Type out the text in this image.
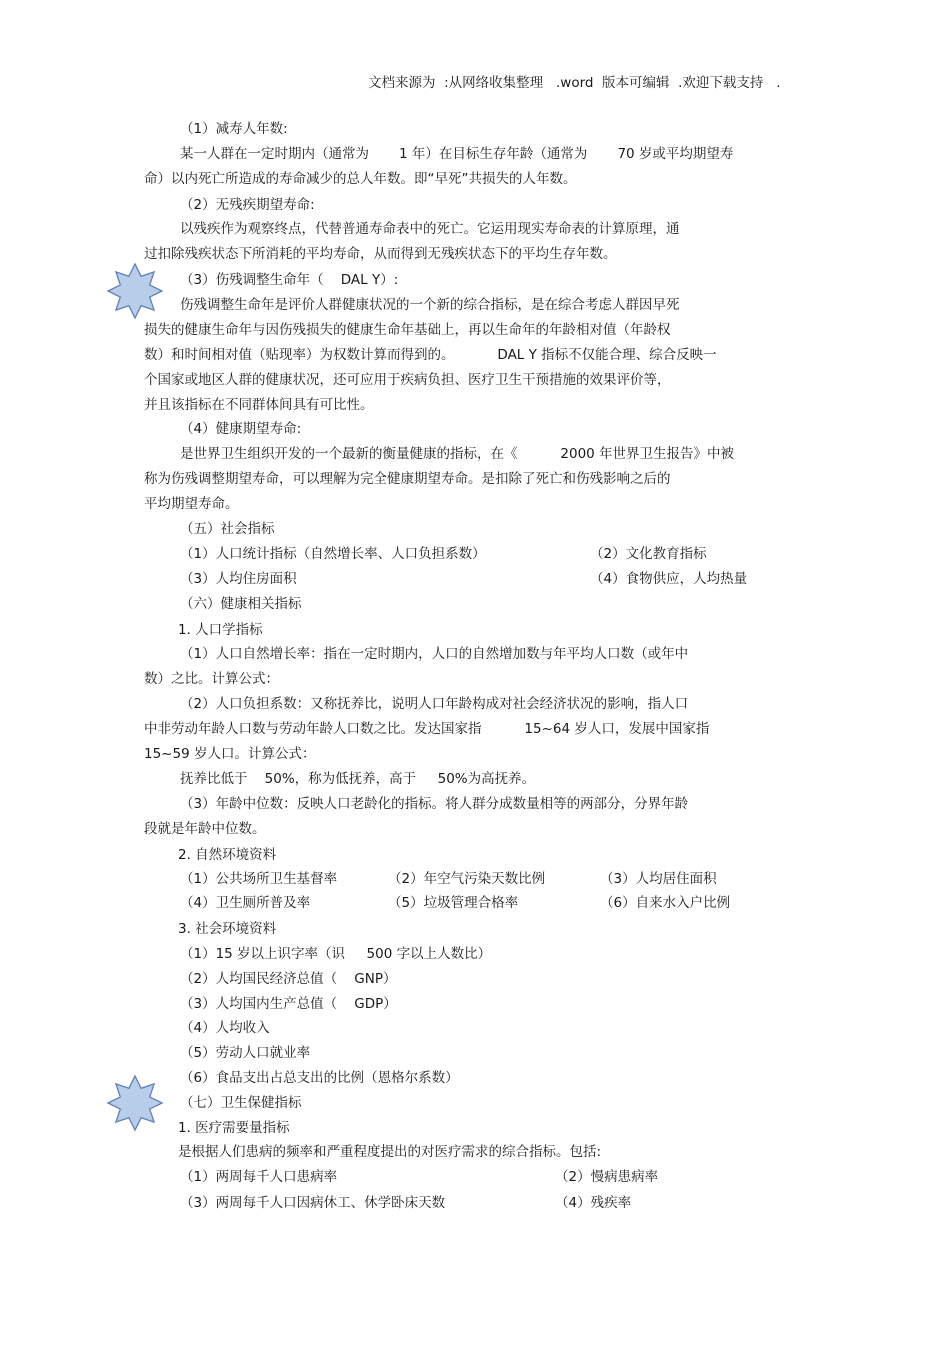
文档来源为  :从网络收集整理   .word  版本可编辑  .欢迎下载支持   .
（1）减寿人年数:
某一人群在一定时期内（通常为       1 年）在目标生存年龄（通常为       70 岁或平均期望寿
命）以内死亡所造成的寿命减少的总人年数。即“早死”共损失的人年数。
（2）无残疾期望寿命:
以残疾作为观察终点，代替普通寿命表中的死亡。它运用现实寿命表的计算原理，通
过扣除残疾状态下所消耗的平均寿命，从而得到无残疾状态下的平均生存年数。
（3）伤残调整生命年（    DAL Y）:
伤残调整生命年是评价人群健康状况的一个新的综合指标，是在综合考虑人群因早死
损失的健康生命年与因伤残损失的健康生命年基础上，再以生命年的年龄相对值（年龄权
数）和时间相对值（贴现率）为权数计算而得到的。          DAL Y 指标不仅能合理、综合反映一
个国家或地区人群的健康状况，还可应用于疾病负担、医疗卫生干预措施的效果评价等，
并且该指标在不同群体间具有可比性。
（4）健康期望寿命:
是世界卫生组织开发的一个最新的衡量健康的指标，在《          2000 年世界卫生报告》中被
称为伤残调整期望寿命，可以理解为完全健康期望寿命。是扣除了死亡和伤残影响之后的
平均期望寿命。
（五）社会指标
（1）人口统计指标（自然增长率、人口负担系数）	（2）文化教育指标
（3）人均住房面积	（4）食物供应，人均热量
（六）健康相关指标
1. 人口学指标
（1）人口自然增长率：指在一定时期内，人口的自然增加数与年平均人口数（或年中
数）之比。计算公式：
（2）人口负担系数：又称抚养比，说明人口年龄构成对社会经济状况的影响，指人口
中非劳动年龄人口数与劳动年龄人口数之比。发达国家指          15~64 岁人口，发展中国家指
15~59 岁人口。计算公式：
抚养比低于    50%，称为低抚养，高于     50%为高抚养。
（3）年龄中位数：反映人口老龄化的指标。将人群分成数量相等的两部分，分界年龄
段就是年龄中位数。
2. 自然环境资料
（1）公共场所卫生基督率	（2）年空气污染天数比例	（3）人均居住面积
（4）卫生厕所普及率	（5）垃圾管理合格率	（6）自来水入户比例
3. 社会环境资料
（1）15 岁以上识字率（识     500 字以上人数比）
（2）人均国民经济总值（    GNP）
（3）人均国内生产总值（    GDP）
（4）人均收入
（5）劳动人口就业率
（6）食品支出占总支出的比例（恩格尔系数）
（七）卫生保健指标
1. 医疗需要量指标
是根据人们患病的频率和严重程度提出的对医疗需求的综合指标。包括:
（1）两周每千人口患病率	（2）慢病患病率
（3）两周每千人口因病休工、休学卧床天数	（4）残疾率
